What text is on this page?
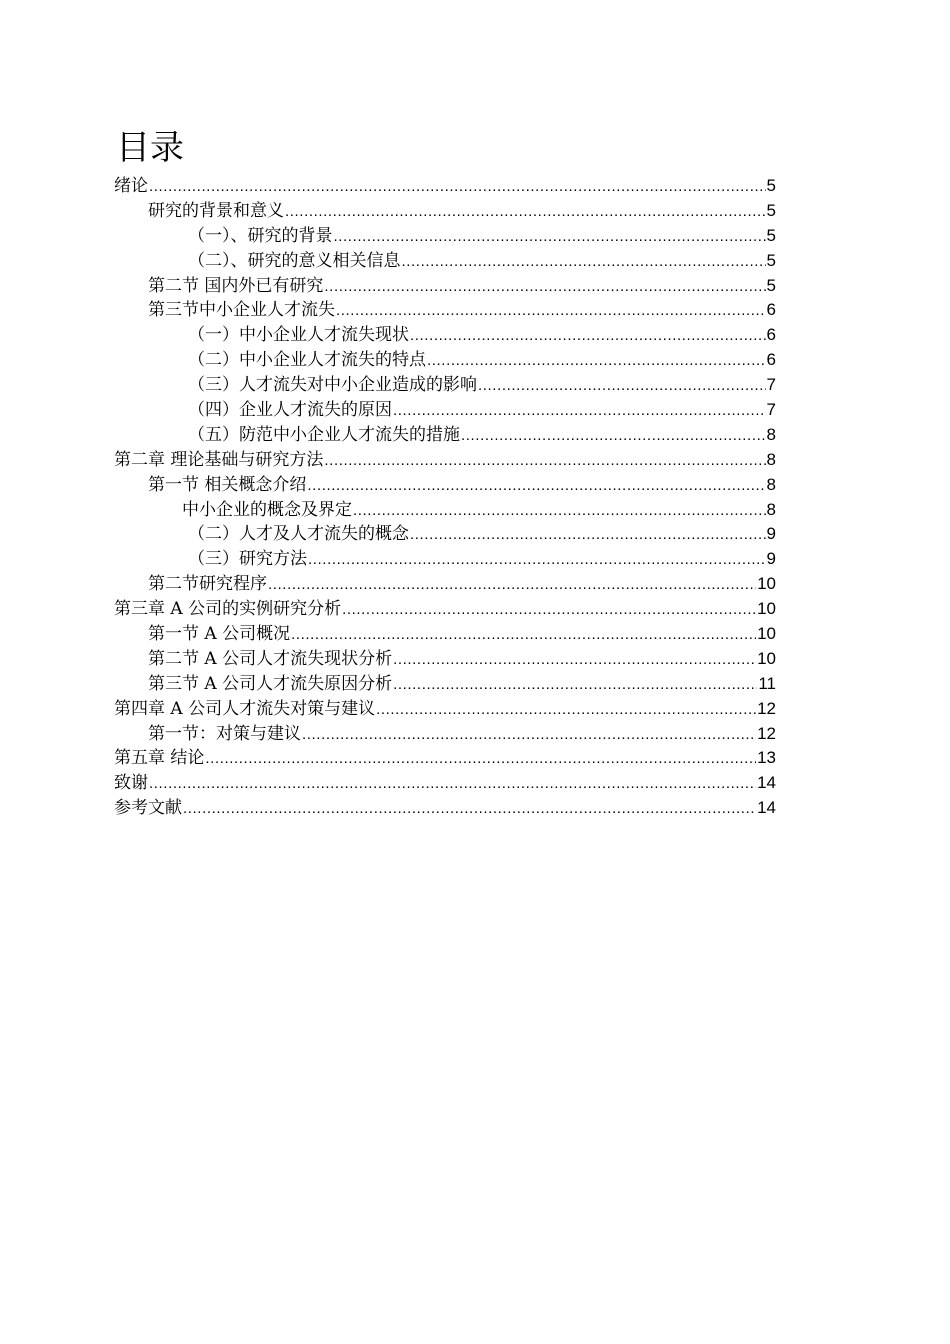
目录
绪论 .....	5
研究的背景和意义 .....	5
（一）、研究的背景 .....	5
（二）、研究的意义相关信息 .....	5
第二节 国内外已有研究 .....	5
第三节中小企业人才流失 .....	6
（一）中小企业人才流失现状 .....	6
（二）中小企业人才流失的特点 .....	6
（三）人才流失对中小企业造成的影响 .....	7
（四）企业人才流失的原因 .....	7
（五）防范中小企业人才流失的措施 .....	8
第二章 理论基础与研究方法 .....	8
第一节 相关概念介绍 .....	8
中小企业的概念及界定 .....	8
（二）人才及人才流失的概念 .....	9
（三）研究方法 .....	9
第二节研究程序 .....	10
第三章 A 公司的实例研究分析 .....	10
第一节 A 公司概况 .....	10
第二节 A 公司人才流失现状分析 .....	10
第三节 A 公司人才流失原因分析 .....	11
第四章 A 公司人才流失对策与建议 .....	12
第一节：对策与建议 .....	12
第五章 结论 .....	13
致谢 .....	14
参考文献 .....	14
